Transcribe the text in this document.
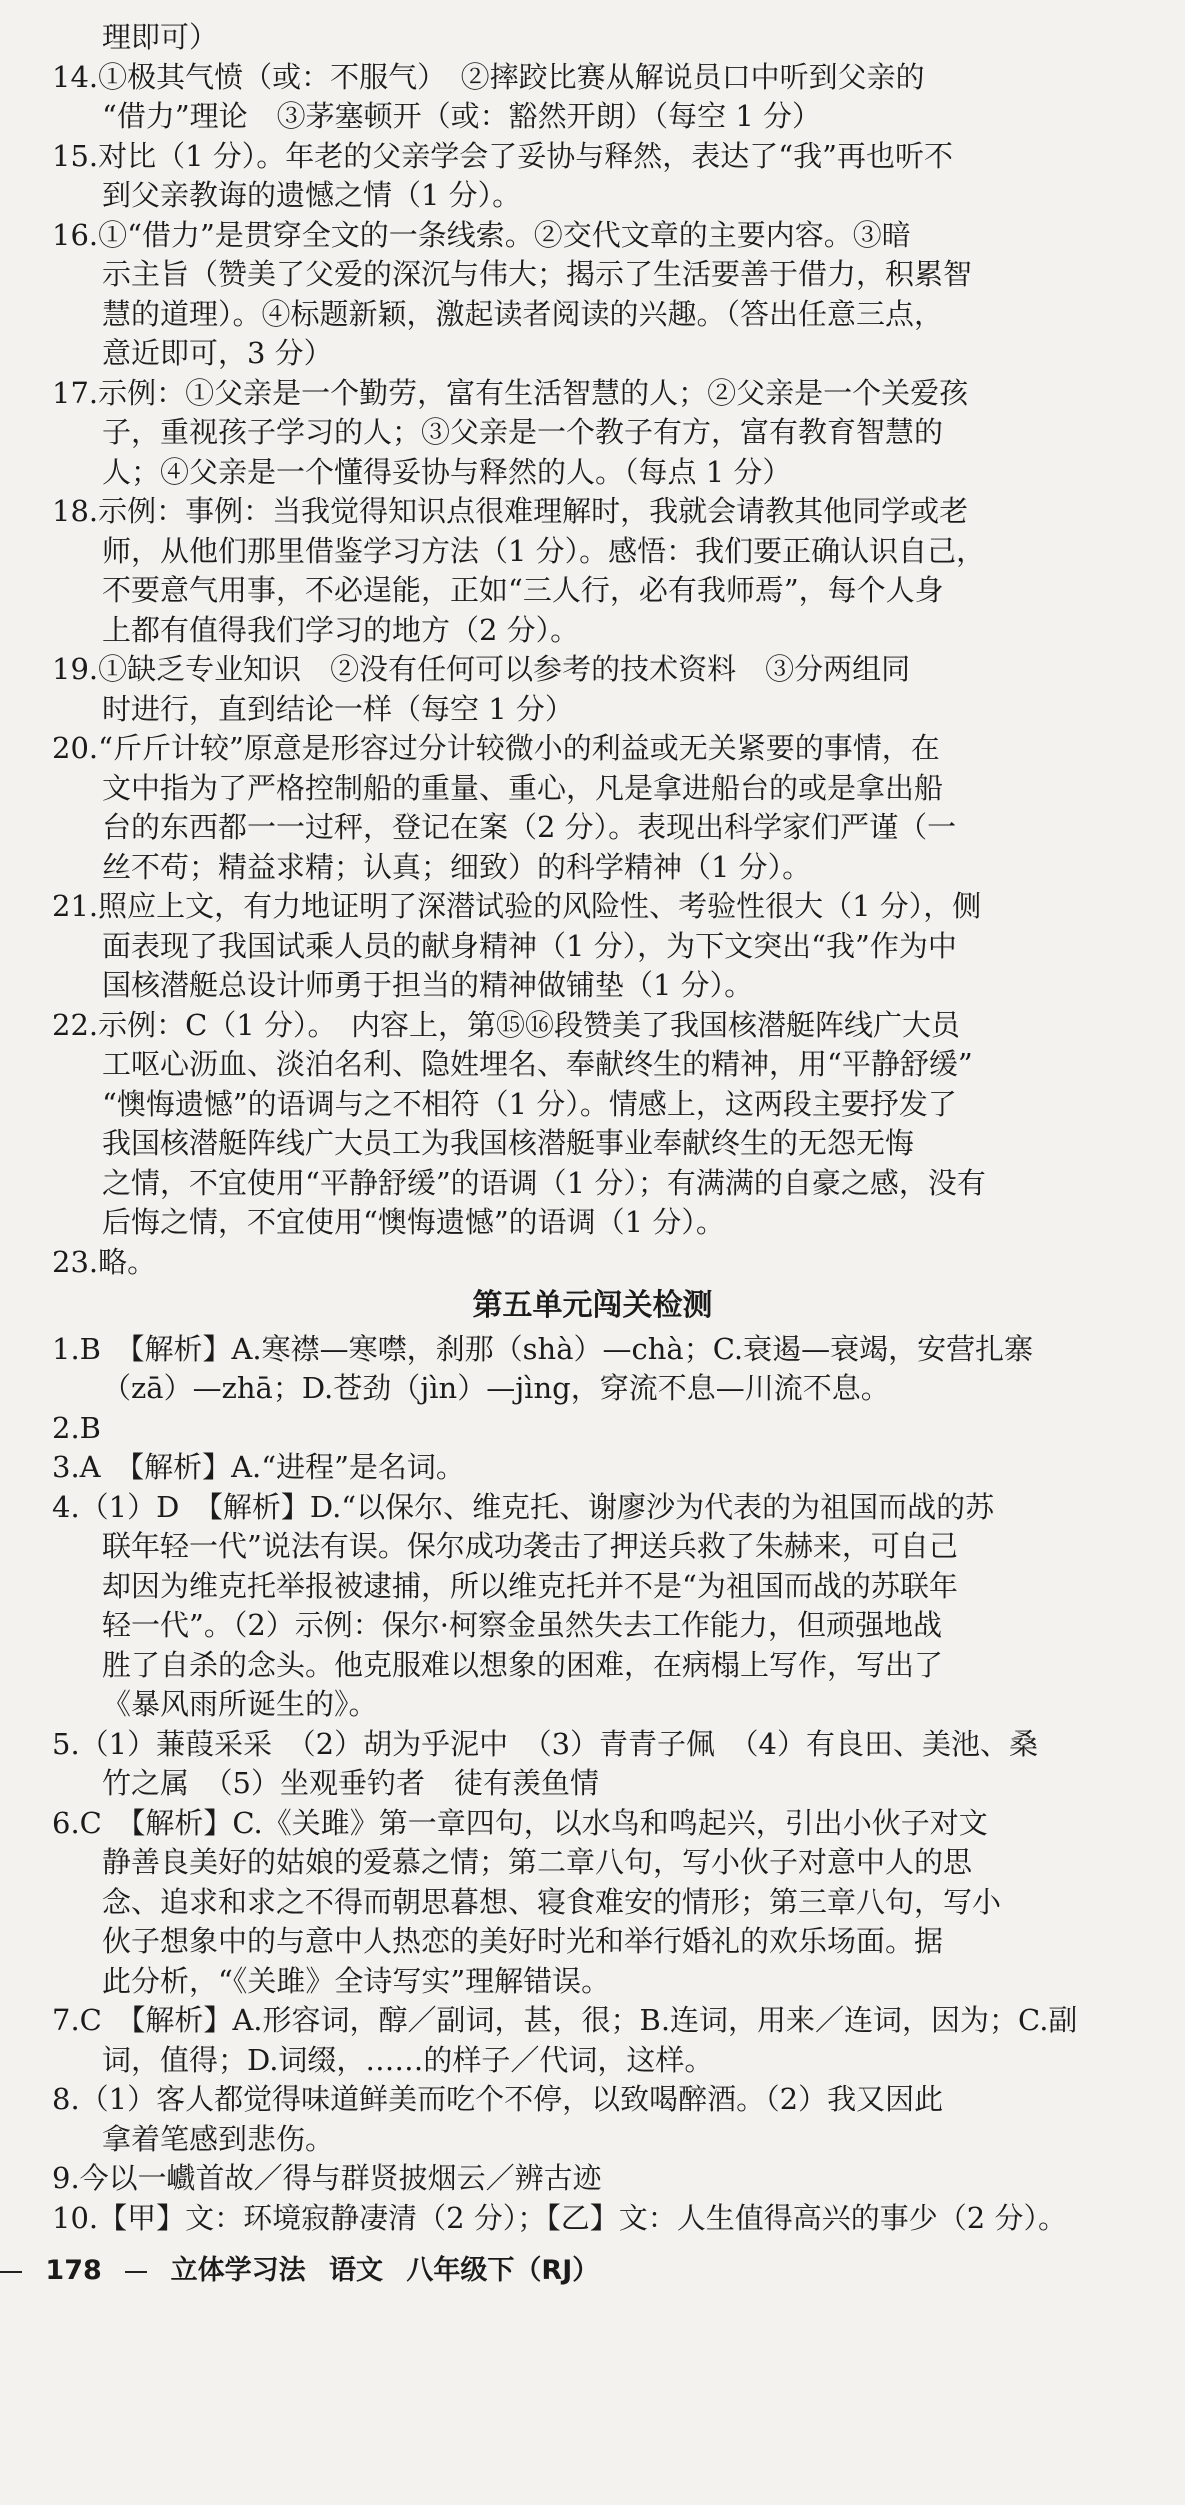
理即可）
14.①极其气愤（或：不服气）　②摔跤比赛从解说员口中听到父亲的
“借力”理论　③茅塞顿开（或：豁然开朗）（每空 1 分）
15.对比（1 分）。年老的父亲学会了妥协与释然，表达了“我”再也听不
到父亲教诲的遗憾之情（1 分）。
16.①“借力”是贯穿全文的一条线索。②交代文章的主要内容。③暗
示主旨（赞美了父爱的深沉与伟大；揭示了生活要善于借力，积累智
慧的道理）。④标题新颖，激起读者阅读的兴趣。（答出任意三点，
意近即可，3 分）
17.示例：①父亲是一个勤劳，富有生活智慧的人；②父亲是一个关爱孩
子，重视孩子学习的人；③父亲是一个教子有方，富有教育智慧的
人；④父亲是一个懂得妥协与释然的人。（每点 1 分）
18.示例：事例：当我觉得知识点很难理解时，我就会请教其他同学或老
师，从他们那里借鉴学习方法（1 分）。感悟：我们要正确认识自己，
不要意气用事，不必逞能，正如“三人行，必有我师焉”，每个人身
上都有值得我们学习的地方（2 分）。
19.①缺乏专业知识　②没有任何可以参考的技术资料　③分两组同
时进行，直到结论一样（每空 1 分）
20.“斤斤计较”原意是形容过分计较微小的利益或无关紧要的事情，在
文中指为了严格控制船的重量、重心，凡是拿进船台的或是拿出船
台的东西都一一过秤，登记在案（2 分）。表现出科学家们严谨（一
丝不苟；精益求精；认真；细致）的科学精神（1 分）。
21.照应上文，有力地证明了深潜试验的风险性、考验性很大（1 分），侧
面表现了我国试乘人员的献身精神（1 分），为下文突出“我”作为中
国核潜艇总设计师勇于担当的精神做铺垫（1 分）。
22.示例：C（1 分）。　内容上，第⑮⑯段赞美了我国核潜艇阵线广大员
工呕心沥血、淡泊名利、隐姓埋名、奉献终生的精神，用“平静舒缓”
“懊悔遗憾”的语调与之不相符（1 分）。情感上，这两段主要抒发了
我国核潜艇阵线广大员工为我国核潜艇事业奉献终生的无怨无悔
之情，不宜使用“平静舒缓”的语调（1 分）；有满满的自豪之感，没有
后悔之情，不宜使用“懊悔遗憾”的语调（1 分）。
23.略。
第五单元闯关检测
178	立体学习法 语文 八年级下（RJ）
1.B　【解析】A.寒襟—寒噤，刹那（shà）—chà；C.衰遏—衰竭，安营扎寨
（zā）—zhā；D.苍劲（jìn）—jìng，穿流不息—川流不息。
2.B
3.A　【解析】A.“进程”是名词。
4.（1）D　【解析】D.“以保尔、维克托、谢廖沙为代表的为祖国而战的苏
联年轻一代”说法有误。保尔成功袭击了押送兵救了朱赫来，可自己
却因为维克托举报被逮捕，所以维克托并不是“为祖国而战的苏联年
轻一代”。（2）示例：保尔·柯察金虽然失去工作能力，但顽强地战
胜了自杀的念头。他克服难以想象的困难，在病榻上写作，写出了
《暴风雨所诞生的》。
5.（1）蒹葭采采　（2）胡为乎泥中　（3）青青子佩　（4）有良田、美池、桑
竹之属　（5）坐观垂钓者　徒有羡鱼情
6.C　【解析】C.《关雎》第一章四句，以水鸟和鸣起兴，引出小伙子对文
静善良美好的姑娘的爱慕之情；第二章八句，写小伙子对意中人的思
念、追求和求之不得而朝思暮想、寝食难安的情形；第三章八句，写小
伙子想象中的与意中人热恋的美好时光和举行婚礼的欢乐场面。据
此分析，“《关雎》全诗写实”理解错误。
7.C　【解析】A.形容词，醇／副词，甚，很；B.连词，用来／连词，因为；C.副
词，值得；D.词缀，……的样子／代词，这样。
8.（1）客人都觉得味道鲜美而吃个不停，以致喝醉酒。（2）我又因此
拿着笔感到悲伤。
9.今以一巇首故／得与群贤披烟云／辨古迹
10.【甲】文：环境寂静凄清（2 分）；【乙】文：人生值得高兴的事少（2 分）。
